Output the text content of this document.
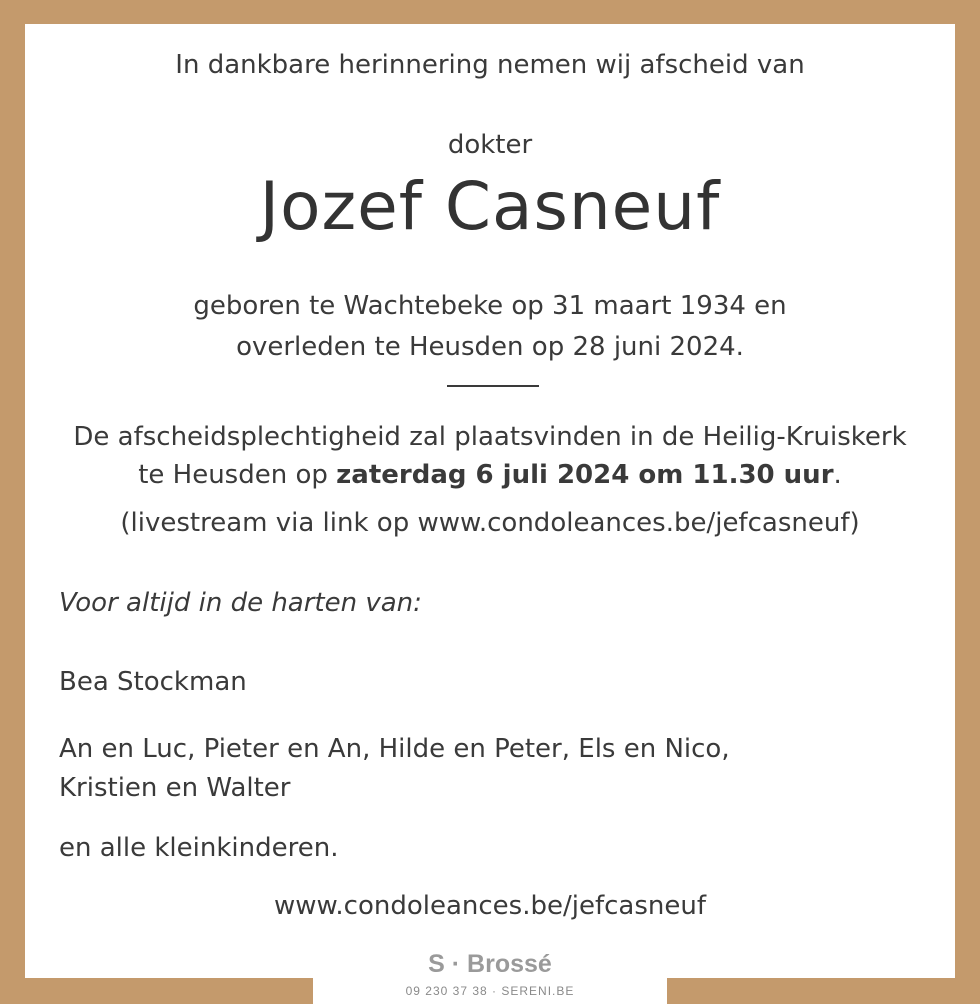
In dankbare herinnering nemen wij afscheid van
dokter
Jozef Casneuf
geboren te Wachtebeke op 31 maart 1934 en
overleden te Heusden op 28 juni 2024.
De afscheidsplechtigheid zal plaatsvinden in de Heilig-Kruiskerk
te Heusden op zaterdag 6 juli 2024 om 11.30 uur.
(livestream via link op www.condoleances.be/jefcasneuf)
Voor altijd in de harten van:
Bea Stockman
An en Luc, Pieter en An, Hilde en Peter, Els en Nico,
Kristien en Walter
en alle kleinkinderen.
www.condoleances.be/jefcasneuf
S · Brossé
09 230 37 38 · SERENI.BE
